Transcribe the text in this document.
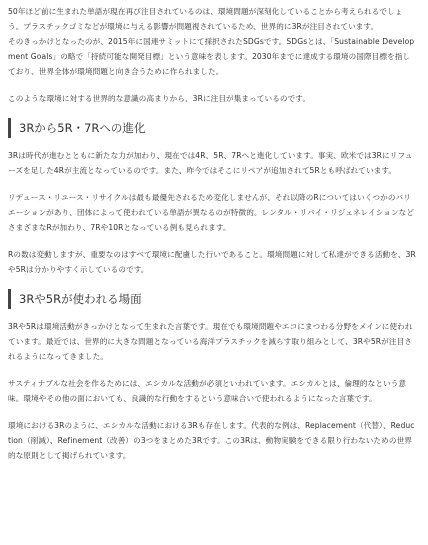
50年ほど前に生まれた単語が現在再び注目されているのは、環境問題が深刻化していることから考えられるでしょう。プラスチックゴミなどが環境に与える影響が問題視されているため、世界的に3Rが注目されています。

そのきっかけとなったのが、2015年に国連サミットにて採択されたSDGsです。SDGsとは、「Sustainable Development Goals」の略で「持続可能な開発目標」という意味を表します。2030年までに達成する環境の国際目標を指しており、世界全体が環境問題と向き合うために作られました。

このような環境に対する世界的な意識の高まりから、3Rに注目が集まっているのです。

3Rから5R・7Rへの進化

3Rは時代が進むとともに新たな力が加わり、現在では4R、5R、7Rへと進化しています。事実、欧米では3Rにリフューズを足した4Rが主流となっているのです。また、昨今ではそこにリペアが追加されて5Rとも呼ばれています。

リデュース・リユース・リサイクルは最も最優先されるため変化しませんが、それ以降のRについてはいくつかのバリエーションがあり、団体によって使われている単語が異なるのが特徴的。レンタル・リバイ・リジェネレイションなどさまざまなRが加わり、7Rや10Rとなっている例も見られます。

Rの数は変動しますが、重要なのはすべて環境に配慮した行いであること。環境問題に対して私達ができる活動を、3Rや5Rは分かりやすく示しているのです。

3Rや5Rが使われる場面

3Rや5Rは環境活動がきっかけとなって生まれた言葉です。現在でも環境問題やエコにまつわる分野をメインに使われています。最近では、世界的に大きな問題となっている海洋プラスチックを減らす取り組みとして、3Rや5Rが注目されるようになってきました。

サスティナブルな社会を作るためには、エシカルな活動が必須といわれています。エシカルとは、倫理的なという意味。環境やその他の面においても、良識的な行動をするという意味合いで使われるようになった言葉です。

環境における3Rのように、エシカルな活動における3Rも存在します。代表的な例は、Replacement（代替）、Reduction（削減）、Refinement（改善）の3つをまとめた3Rです。この3Rは、動物実験をできる限り行わないための世界的な原則として掲げられています。
